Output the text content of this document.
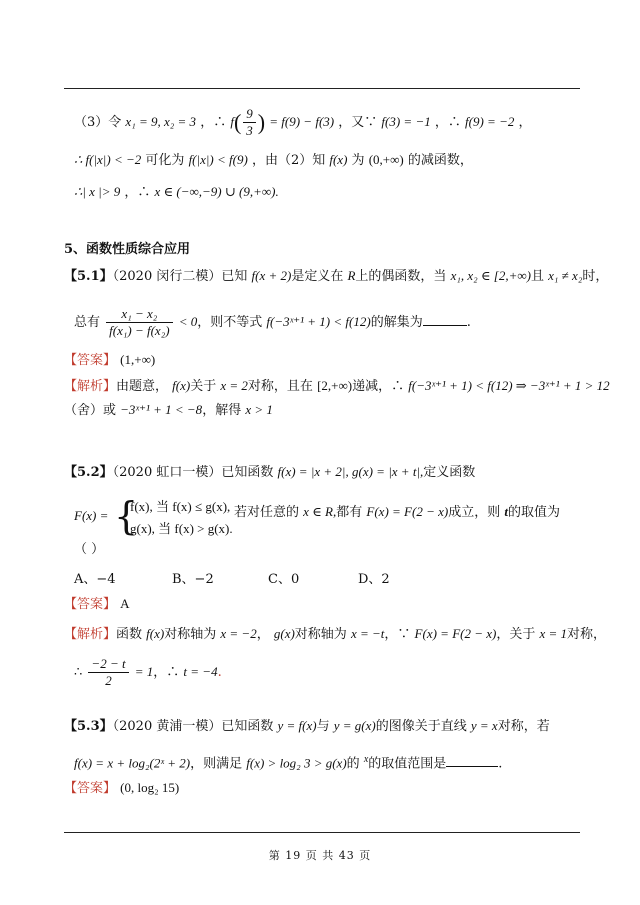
（3）令 x₁ = 9, x₂ = 3 ，∴ $f( \frac{9}{3}$ ) = f(9) − f(3) ，又∵ f(3) = −1 ，∴ f(9) = −2 ，
∴ f(|x|) < −2 可化为 f(|x|) < f(9) ，由（2）知 f(x) 为 (0,+∞) 的减函数，
∴| x |> 9 ，∴ x ∈ (−∞,−9) ∪ (9,+∞).
5、函数性质综合应用
【5.1】（2020 闵行二模）已知 f(x + 2)是定义在 R上的偶函数，当 x₁, x₂ ∈ [2,+∞)且 x₁ ≠ x₂时，
总有 $\frac{\text{x₁ − x₂}}{\text{f(x₁) − f(x₂)}} < 0$，则不等式 f(−3ˣ⁺¹ + 1) < f(12)的解集为	.
【答案】 (1,+∞)
【解析】由题意， f(x)关于 x = 2对称，且在 [2,+∞)递减，∴ f(−3ˣ⁺¹ + 1) < f(12) ⇒ −3ˣ⁺¹ + 1 > 12
（舍）或 −3ˣ⁺¹ + 1 < −8，解得 x > 1
【5.2】（2020 虹口一模）已知函数 f(x) = |x + 2|, g(x) = |x + t|,定义函数
F(x) = {
f(x), 当 f(x) ≤ g(x),
g(x), 当 f(x) > g(x).
若对任意的 x ∈ R,都有 F(x) = F(2 − x)成立，则 t的取值为
（ ）
A、−4	B、−2	C、0	D、2
【答案】 A
【解析】函数 f(x)对称轴为 x = −2， g(x)对称轴为 x = −t，∵ F(x) = F(2 − x)，关于 x = 1对称，
∴ $\frac{-2 - t}{2} = 1$，∴ t = −4.
【5.3】（2020 黄浦一模）已知函数 y = f(x)与 y = g(x)的图像关于直线 y = x对称，若
f(x) = x + log₂(2ˣ + 2)，则满足 f(x) > log₂ 3 > g(x)的 $^x$的取值范围是	.
【答案】 (0, log₂ 15)
第 19 页 共 43 页
